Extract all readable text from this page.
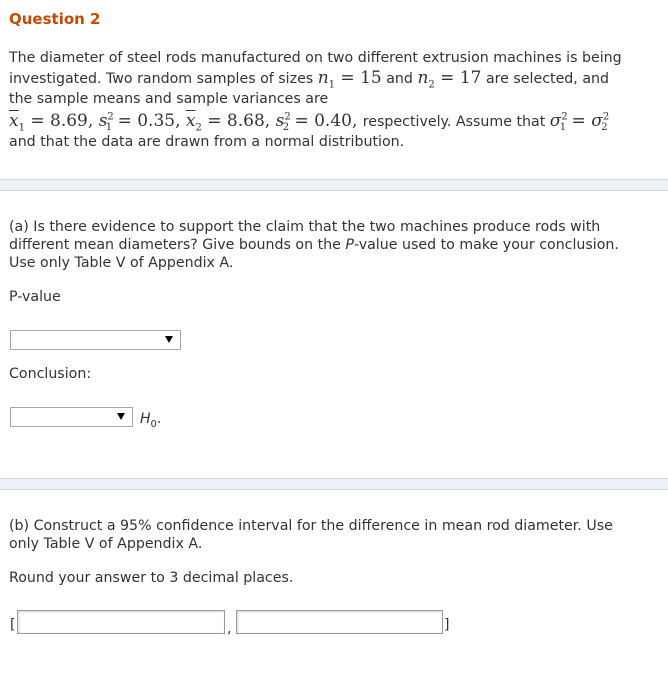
Question 2
The diameter of steel rods manufactured on two different extrusion machines is being
investigated. Two random samples of sizes $n_1 = 15$ and $n_2 = 17$ are selected, and
the sample means and sample variances are
$\overline{x}_1 = 8.69$, $s^2_1 = 0.35$, $\overline{x}_2 = 8.68$, $s^2_2 = 0.40$, respectively. Assume that $\sigma^2_1 = \sigma^2_2$
and that the data are drawn from a normal distribution.
(a) Is there evidence to support the claim that the two machines produce rods with
different mean diameters? Give bounds on the P-value used to make your conclusion.
Use only Table V of Appendix A.
P-value
Conclusion:
$H_0$.
(b) Construct a 95% confidence interval for the difference in mean rod diameter. Use
only Table V of Appendix A.
Round your answer to 3 decimal places.
[	,	]
